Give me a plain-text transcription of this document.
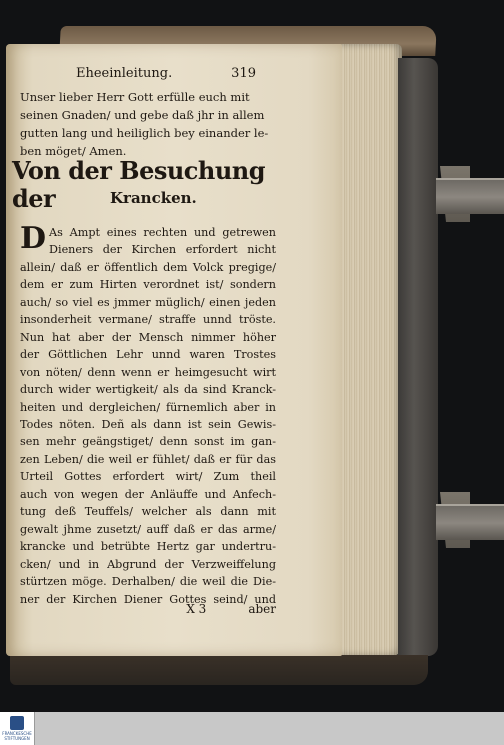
Eheeinleitung.	319
Unser lieber Herr Gott erfülle euch mit
seinen Gnaden/ und gebe daß jhr in allem
gutten lang und heiliglich bey einander le-
ben möget/ Amen.
Von der Besuchung der	Krancken.
D As Ampt eines rechten und getrewen
Dieners der Kirchen erfordert nicht
allein/ daß er öffentlich dem Volck pregige/
dem er zum Hirten verordnet ist/ sondern
auch/ so viel es jmmer müglich/ einen jeden
insonderheit vermane/ straffe unnd tröste.
Nun hat aber der Mensch nimmer höher
der Göttlichen Lehr unnd waren Trostes
von nöten/ denn wenn er heimgesucht wirt
durch wider wertigkeit/ als da sind Kranck-
heiten und dergleichen/ fürnemlich aber in
Todes nöten. Deñ als dann ist sein Gewis-
sen mehr geängstiget/ denn sonst im gan-
zen Leben/ die weil er fühlet/ daß er für das
Urteil Gottes erfordert wirt/ Zum theil
auch von wegen der Anläuffe und Anfech-
tung deß Teuffels/ welcher als dann mit
gewalt jhme zusetzt/ auff daß er das arme/
krancke und betrübte Hertz gar undertru-
cken/ und in Abgrund der Verzweiffelung
stürtzen möge. Derhalben/ die weil die Die-
ner der Kirchen Diener Gottes seind/ und
X 3	aber
FRANCKESCHE STIFTUNGEN
